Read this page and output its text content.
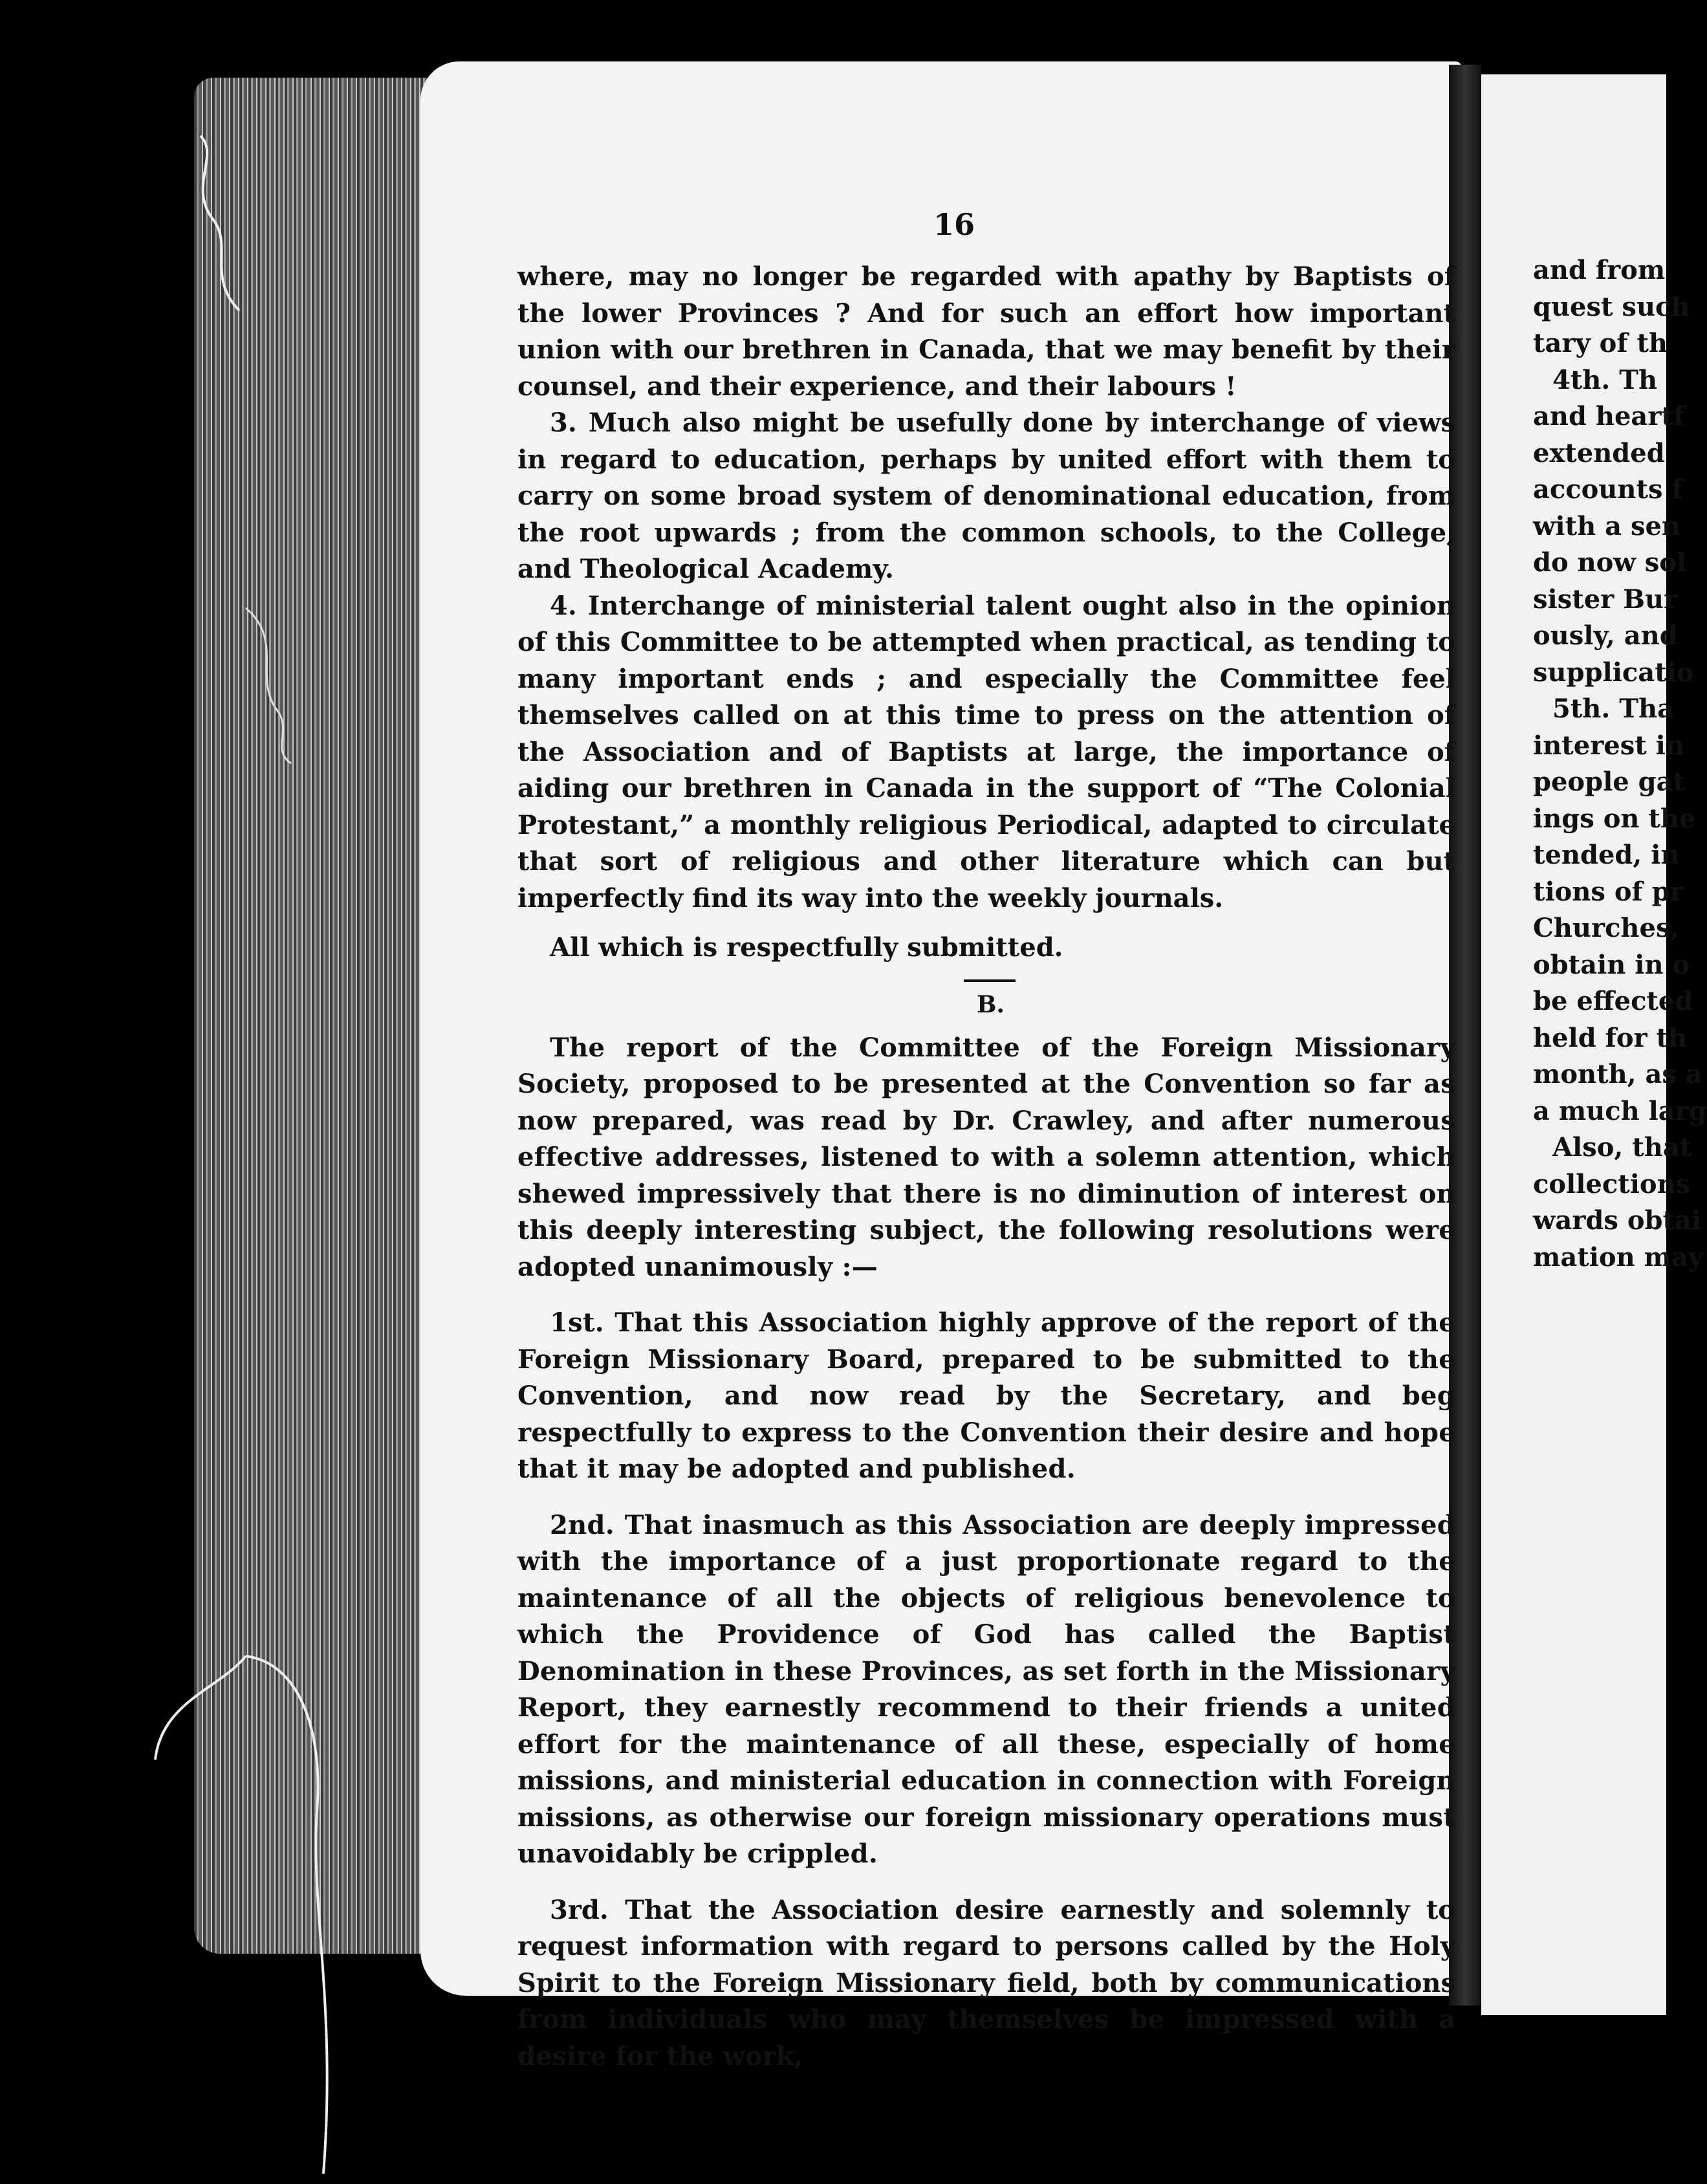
16

where, may no longer be regarded with apathy by Baptists of the lower Provinces ? And for such an effort how important union with our brethren in Canada, that we may benefit by their counsel, and their experience, and their labours !

3. Much also might be usefully done by interchange of views in regard to education, perhaps by united effort with them to carry on some broad system of denominational education, from the root upwards ; from the common schools, to the College, and Theological Academy.

4. Interchange of ministerial talent ought also in the opinion of this Committee to be attempted when practical, as tending to many important ends ; and especially the Committee feel themselves called on at this time to press on the attention of the Association and of Baptists at large, the importance of aiding our brethren in Canada in the support of “The Colonial Protestant,” a monthly religious Periodical, adapted to circulate that sort of religious and other literature which can but imperfectly find its way into the weekly journals.

All which is respectfully submitted.

B.

The report of the Committee of the Foreign Missionary Society, proposed to be presented at the Convention so far as now prepared, was read by Dr. Crawley, and after numerous effective addresses, listened to with a solemn attention, which shewed impressively that there is no diminution of interest on this deeply interesting subject, the following resolutions were adopted unanimously :—

1st. That this Association highly approve of the report of the Foreign Missionary Board, prepared to be submitted to the Convention, and now read by the Secretary, and beg respectfully to express to the Convention their desire and hope that it may be adopted and published.

2nd. That inasmuch as this Association are deeply impressed with the importance of a just proportionate regard to the maintenance of all the objects of religious benevolence to which the Providence of God has called the Baptist Denomination in these Provinces, as set forth in the Missionary Report, they earnestly recommend to their friends a united effort for the maintenance of all these, especially of home missions, and ministerial education in connection with Foreign missions, as otherwise our foreign missionary operations must unavoidably be crippled.

3rd. That the Association desire earnestly and solemnly to request information with regard to persons called by the Holy Spirit to the Foreign Missionary field, both by communications from individuals who may themselves be impressed with a desire for the work,

and from
quest such
tary of th
4th. Th
and heartf
extended
accounts f
with a sen
do now sol
sister Bur
ously, and
supplicatio
5th. Tha
interest in
people gat
ings on the
tended, in
tions of pr
Churches,
obtain in o
be effected
held for th
month, as a
a much larg
Also, that
collections
wards obtai
mation may
